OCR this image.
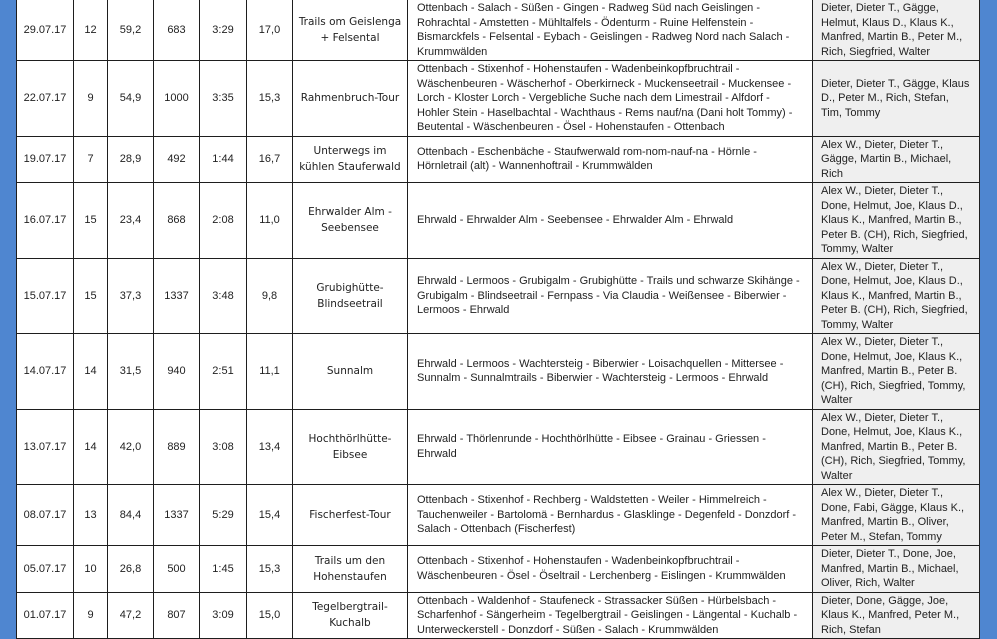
29.07.17	12	59,2	683	3:29	17,0	Trails om Geislenga + Felsental	Ottenbach - Salach - Süßen - Gingen - Radweg Süd nach Geislingen - Rohrachtal - Amstetten - Mühltalfels - Ödenturm - Ruine Helfenstein - Bismarckfels - Felsental - Eybach - Geislingen - Radweg Nord nach Salach - Krummwälden	Dieter, Dieter T., Gägge, Helmut, Klaus D., Klaus K., Manfred, Martin B., Peter M., Rich, Siegfried, Walter
22.07.17	9	54,9	1000	3:35	15,3	Rahmenbruch-Tour	Ottenbach - Stixenhof - Hohenstaufen - Wadenbeinkopfbruchtrail - Wäschenbeuren - Wäscherhof - Oberkirneck - Muckenseetrail - Muckensee - Lorch - Kloster Lorch - Vergebliche Suche nach dem Limestrail - Alfdorf - Hohler Stein - Haselbachtal - Wachthaus - Rems nauf/na (Dani holt Tommy) - Beutental - Wäschenbeuren - Ösel - Hohenstaufen - Ottenbach	Dieter, Dieter T., Gägge, Klaus D., Peter M., Rich, Stefan, Tim, Tommy
19.07.17	7	28,9	492	1:44	16,7	Unterwegs im kühlen Stauferwald	Ottenbach - Eschenbäche - Staufwerwald rom-nom-nauf-na - Hörnle - Hörnletrail (alt) - Wannenhoftrail - Krummwälden	Alex W., Dieter, Dieter T., Gägge, Martin B., Michael, Rich
16.07.17	15	23,4	868	2:08	11,0	Ehrwalder Alm - Seebensee	Ehrwald - Ehrwalder Alm - Seebensee - Ehrwalder Alm - Ehrwald	Alex W., Dieter, Dieter T., Done, Helmut, Joe, Klaus D., Klaus K., Manfred, Martin B., Peter B. (CH), Rich, Siegfried, Tommy, Walter
15.07.17	15	37,3	1337	3:48	9,8	Grubighütte-Blindseetrail	Ehrwald - Lermoos - Grubigalm - Grubighütte - Trails und schwarze Skihänge - Grubigalm - Blindseetrail - Fernpass - Via Claudia - Weißensee - Biberwier - Lermoos - Ehrwald	Alex W., Dieter, Dieter T., Done, Helmut, Joe, Klaus D., Klaus K., Manfred, Martin B., Peter B. (CH), Rich, Siegfried, Tommy, Walter
14.07.17	14	31,5	940	2:51	11,1	Sunnalm	Ehrwald - Lermoos - Wachtersteig - Biberwier - Loisachquellen - Mittersee - Sunnalm - Sunnalmtrails - Biberwier - Wachtersteig - Lermoos - Ehrwald	Alex W., Dieter, Dieter T., Done, Helmut, Joe, Klaus K., Manfred, Martin B., Peter B. (CH), Rich, Siegfried, Tommy, Walter
13.07.17	14	42,0	889	3:08	13,4	Hochthörlhütte-Eibsee	Ehrwald - Thörlenrunde - Hochthörlhütte - Eibsee - Grainau - Griessen - Ehrwald	Alex W., Dieter, Dieter T., Done, Helmut, Joe, Klaus K., Manfred, Martin B., Peter B. (CH), Rich, Siegfried, Tommy, Walter
08.07.17	13	84,4	1337	5:29	15,4	Fischerfest-Tour	Ottenbach - Stixenhof - Rechberg - Waldstetten - Weiler - Himmelreich - Tauchenweiler - Bartolomä - Bernhardus - Glasklinge - Degenfeld - Donzdorf - Salach - Ottenbach (Fischerfest)	Alex W., Dieter, Dieter T., Done, Fabi, Gägge, Klaus K., Manfred, Martin B., Oliver, Peter M., Stefan, Tommy
05.07.17	10	26,8	500	1:45	15,3	Trails um den Hohenstaufen	Ottenbach - Stixenhof - Hohenstaufen - Wadenbeinkopfbruchtrail - Wäschenbeuren - Ösel - Öseltrail - Lerchenberg - Eislingen - Krummwälden	Dieter, Dieter T., Done, Joe, Manfred, Martin B., Michael, Oliver, Rich, Walter
01.07.17	9	47,2	807	3:09	15,0	Tegelbergtrail-Kuchalb	Ottenbach - Waldenhof - Staufeneck - Strassacker Süßen - Hürbelsbach - Scharfenhof - Sängerheim - Tegelbergtrail - Geislingen - Längental - Kuchalb - Unterweckerstell - Donzdorf - Süßen - Salach - Krummwälden	Dieter, Done, Gägge, Joe, Klaus K., Manfred, Peter M., Rich, Stefan
